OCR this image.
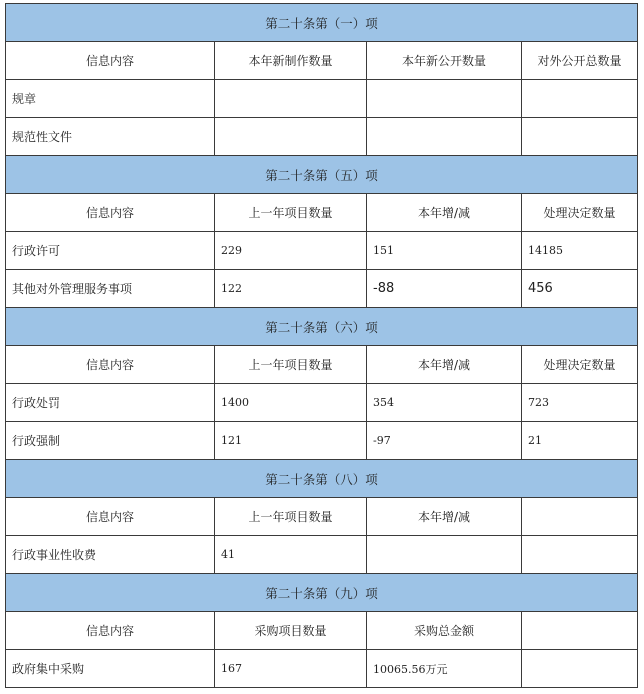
第二十条第（一）项			
信息内容	本年新制作数量	本年新公开数量	对外公开总数量
规章			
规范性文件			
第二十条第（五）项			
信息内容	上一年项目数量	本年增/减	处理决定数量
行政许可	229	151	14185
其他对外管理服务事项	122	-88	456
第二十条第（六）项			
信息内容	上一年项目数量	本年增/减	处理决定数量
行政处罚	1400	354	723
行政强制	121	-97	21
第二十条第（八）项			
信息内容	上一年项目数量	本年增/减	
行政事业性收费	41		
第二十条第（九）项			
信息内容	采购项目数量	采购总金额	
政府集中采购	167	10065.56万元	
